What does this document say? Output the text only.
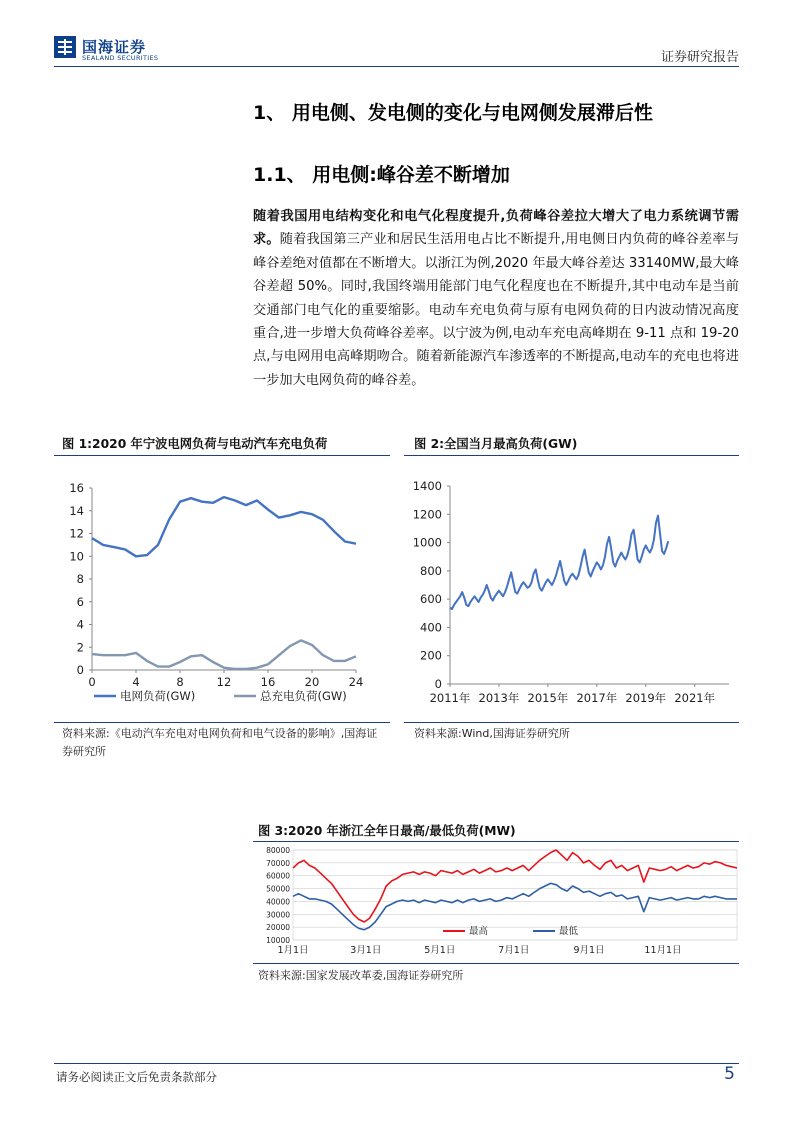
国海证券
SEALAND SECURITIES	证券研究报告
1、 用电侧、发电侧的变化与电网侧发展滞后性
1.1、 用电侧:峰谷差不断增加
随着我国用电结构变化和电气化程度提升,负荷峰谷差拉大增大了电力系统调节需求。随着我国第三产业和居民生活用电占比不断提升,用电侧日内负荷的峰谷差率与峰谷差绝对值都在不断增大。以浙江为例,2020 年最大峰谷差达 33140MW,最大峰谷差超 50%。同时,我国终端用能部门电气化程度也在不断提升,其中电动车是当前交通部门电气化的重要缩影。电动车充电负荷与原有电网负荷的日内波动情况高度重合,进一步增大负荷峰谷差率。以宁波为例,电动车充电高峰期在 9-11 点和 19-20 点,与电网用电高峰期吻合。随着新能源汽车渗透率的不断提高,电动车的充电也将进一步加大电网负荷的峰谷差。
图 1:2020 年宁波电网负荷与电动汽车充电负荷
0
2
4
6
8
10
12
14
16
0	4	8	12	16	20	24
电网负荷(GW)	总充电负荷(GW)
资料来源:《电动汽车充电对电网负荷和电气设备的影响》,国海证券研究所
图 2:全国当月最高负荷(GW)
0
200
400
600
800
1000
1200
1400
2011年 2013年 2015年 2017年 2019年 2021年
资料来源:Wind,国海证券研究所
图 3:2020 年浙江全年日最高/最低负荷(MW)
10000
20000
30000
40000
50000
60000
70000
80000
1月1日	3月1日	5月1日	7月1日	9月1日	11月1日
最高	最低
资料来源:国家发展改革委,国海证券研究所
请务必阅读正文后免责条款部分	5
